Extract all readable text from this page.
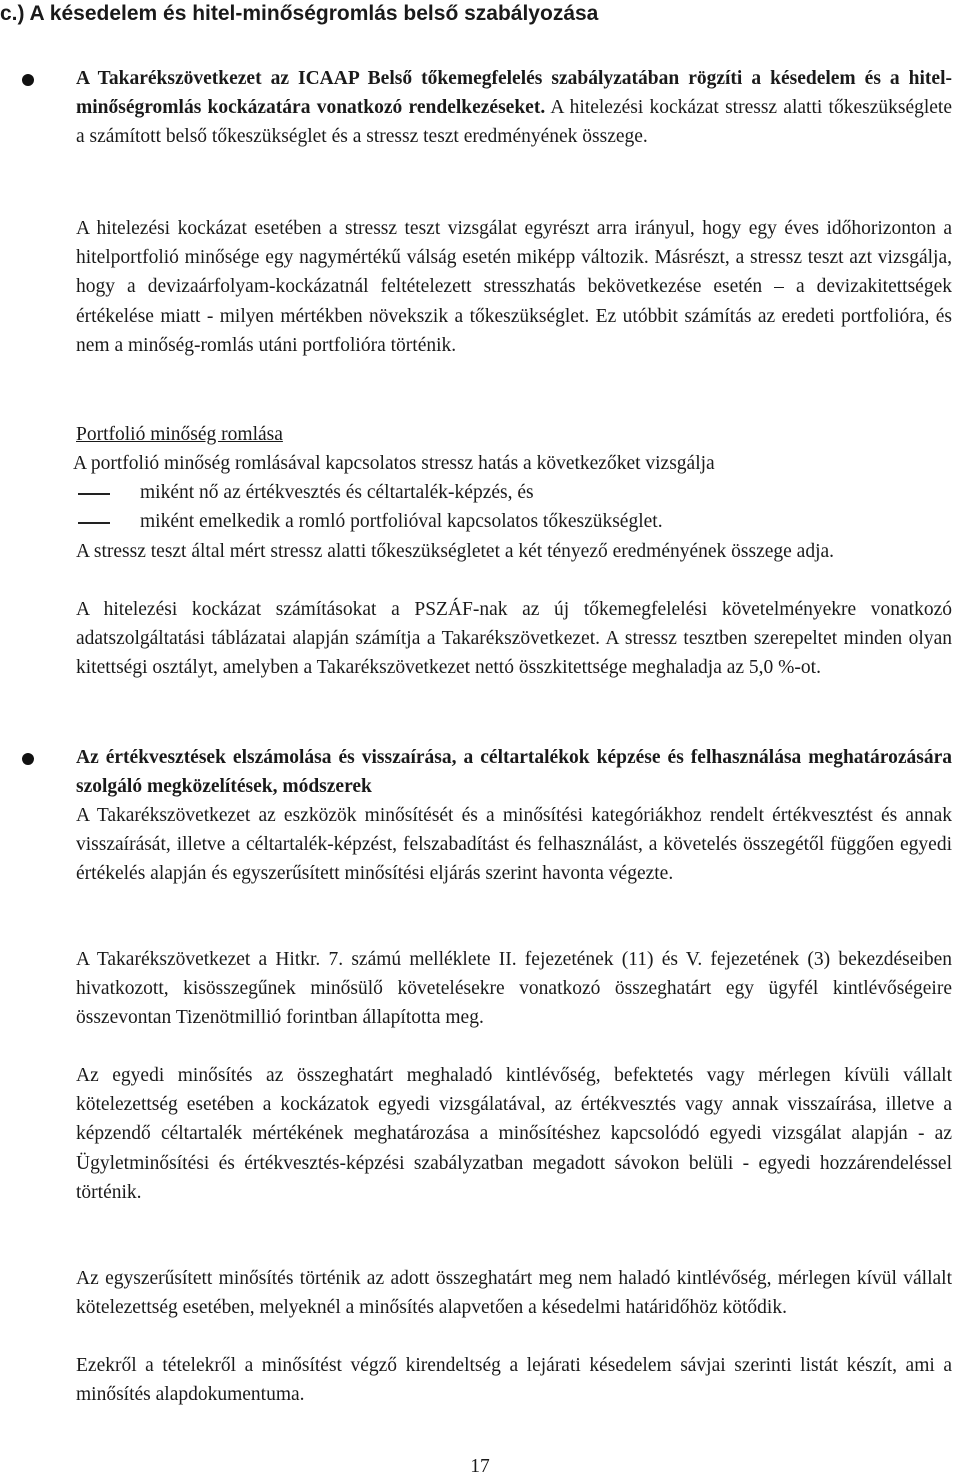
c.) A késedelem és hitel-minőségromlás belső szabályozása

A Takarékszövetkezet az ICAAP Belső tőkemegfelelés szabályzatában rögzíti a késedelem és a hitel-minőségromlás kockázatára vonatkozó rendelkezéseket. A hitelezési kockázat stressz alatti tőkeszükséglete a számított belső tőkeszükséglet és a stressz teszt eredményének összege.

A hitelezési kockázat esetében a stressz teszt vizsgálat egyrészt arra irányul, hogy egy éves időhorizonton a hitelportfolió minősége egy nagymértékű válság esetén miképp változik. Másrészt, a stressz teszt azt vizsgálja, hogy a devizaárfolyam-kockázatnál feltételezett stresszhatás bekövetkezése esetén – a devizakitettségek értékelése miatt - milyen mértékben növekszik a tőkeszükséglet. Ez utóbbit számítás az eredeti portfolióra, és nem a minőség-romlás utáni portfolióra történik.

Portfolió minőség romlása

A portfolió minőség romlásával kapcsolatos stressz hatás a következőket vizsgálja

miként nő az értékvesztés és céltartalék-képzés, és

miként emelkedik a romló portfolióval kapcsolatos tőkeszükséglet.

A stressz teszt által mért stressz alatti tőkeszükségletet a két tényező eredményének összege adja.

A hitelezési kockázat számításokat a PSZÁF-nak az új tőkemegfelelési követelményekre vonatkozó adatszolgáltatási táblázatai alapján számítja a Takarékszövetkezet. A stressz tesztben szerepeltet minden olyan kitettségi osztályt, amelyben a Takarékszövetkezet nettó összkitettsége meghaladja az 5,0 %-ot.

Az értékvesztések elszámolása és visszaírása, a céltartalékok képzése és felhasználása meghatározására szolgáló megközelítések, módszerek

A Takarékszövetkezet az eszközök minősítését és a minősítési kategóriákhoz rendelt értékvesztést és annak visszaírását, illetve a céltartalék-képzést, felszabadítást és felhasználást, a követelés összegétől függően egyedi értékelés alapján és egyszerűsített minősítési eljárás szerint havonta végezte.

A Takarékszövetkezet a Hitkr. 7. számú melléklete II. fejezetének (11) és V. fejezetének (3) bekezdéseiben hivatkozott, kisösszegűnek minősülő követelésekre vonatkozó összeghatárt egy ügyfél kintlévőségeire összevontan Tizenötmillió forintban állapította meg.

Az egyedi minősítés az összeghatárt meghaladó kintlévőség, befektetés vagy mérlegen kívüli vállalt kötelezettség esetében a kockázatok egyedi vizsgálatával, az értékvesztés vagy annak visszaírása, illetve a képzendő céltartalék mértékének meghatározása a minősítéshez kapcsolódó egyedi vizsgálat alapján - az Ügyletminősítési és értékvesztés-képzési szabályzatban megadott sávokon belüli - egyedi hozzárendeléssel történik.

Az egyszerűsített minősítés történik az adott összeghatárt meg nem haladó kintlévőség, mérlegen kívül vállalt kötelezettség esetében, melyeknél a minősítés alapvetően a késedelmi határidőhöz kötődik.

Ezekről a tételekről a minősítést végző kirendeltség a lejárati késedelem sávjai szerinti listát készít, ami a minősítés alapdokumentuma.

17
